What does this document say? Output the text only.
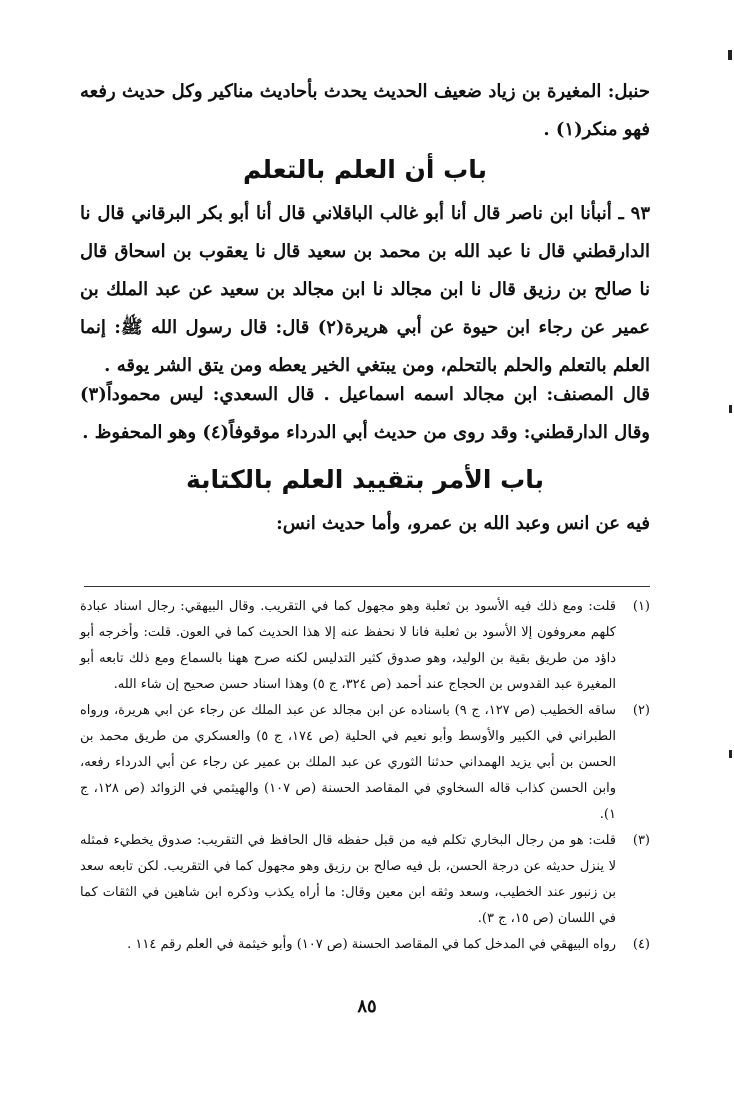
حنبل: المغيرة بن زياد ضعيف الحديث يحدث بأحاديث مناكير وكل حديث رفعه فهو منكر(١) .
باب أن العلم بالتعلم
٩٣ ـ أنبأنا ابن ناصر قال أنا أبو غالب الباقلاني قال أنا أبو بكر البرقاني قال نا الدارقطني قال نا عبد الله بن محمد بن سعيد قال نا يعقوب بن اسحاق قال نا صالح بن رزيق قال نا ابن مجالد نا ابن مجالد بن سعيد عن عبد الملك بن عمير عن رجاء ابن حيوة عن أبي هريرة(٢) قال: قال رسول الله ﷺ: إنما العلم بالتعلم والحلم بالتحلم، ومن يبتغي الخير يعطه ومن يتق الشر يوقه .
قال المصنف: ابن مجالد اسمه اسماعيل . قال السعدي: ليس محموداً(٣) وقال الدارقطني: وقد روى من حديث أبي الدرداء موقوفاً(٤) وهو المحفوظ .
باب الأمر بتقييد العلم بالكتابة
فيه عن انس وعبد الله بن عمرو، وأما حديث انس:
(١)
قلت: ومع ذلك فيه الأسود بن ثعلبة وهو مجهول كما في التقريب. وقال البيهقي: رجال اسناد عبادة كلهم معروفون إلا الأسود بن ثعلبة فانا لا نحفظ عنه إلا هذا الحديث كما في العون. قلت: وأخرجه أبو داؤد من طريق بقية بن الوليد، وهو صدوق كثير التدليس لكنه صرح ههنا بالسماع ومع ذلك تابعه أبو المغيرة عبد القدوس بن الحجاج عند أحمد (ص ٣٢٤، ج ٥) وهذا اسناد حسن صحيح إن شاء الله.
(٢)
ساقه الخطيب (ص ١٢٧، ج ٩) باسناده عن ابن مجالد عن عبد الملك عن رجاء عن ابي هريرة، ورواه الطبراني في الكبير والأوسط وأبو نعيم في الحلية (ص ١٧٤، ج ٥) والعسكري من طريق محمد بن الحسن بن أبي يزيد الهمداني حدثنا الثوري عن عبد الملك بن عمير عن رجاء عن أبي الدرداء رفعه، وابن الحسن كذاب قاله السخاوي في المقاصد الحسنة (ص ١٠٧) والهيثمي في الزوائد (ص ١٢٨، ج ١).
(٣)
قلت: هو من رجال البخاري تكلم فيه من قبل حفظه قال الحافظ في التقريب: صدوق يخطيء فمثله لا ينزل حديثه عن درجة الحسن، بل فيه صالح بن رزيق وهو مجهول كما في التقريب. لكن تابعه سعد بن زنبور عند الخطيب، وسعد وثقه ابن معين وقال: ما أراه يكذب وذكره ابن شاهين في الثقات كما في اللسان (ص ١٥، ج ٣).
(٤)
رواه البيهقي في المدخل كما في المقاصد الحسنة (ص ١٠٧) وأبو خيثمة في العلم رقم ١١٤ .
٨٥
